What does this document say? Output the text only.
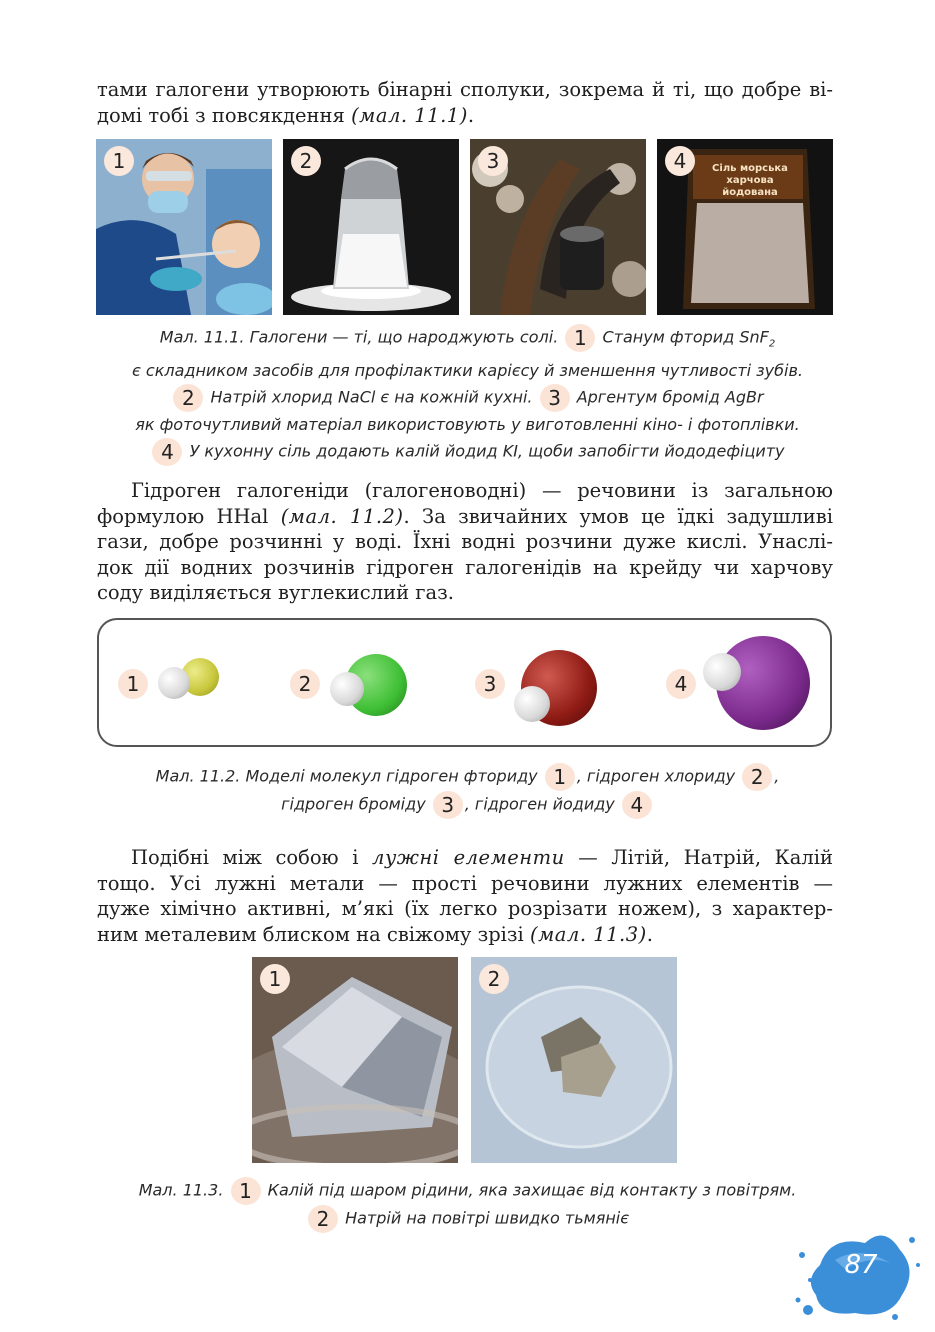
тами галогени утворюють бінарні сполуки, зокрема й ті, що добре ві-
домі тобі з повсякдення (мал. 11.1).
1	2	3	Сіль морська харчова йодована
4
Мал. 11.1. Галогени — ті, що народжують солі. 1 Станум фторид SnF$_2$
є складником засобів для профілактики карієсу й зменшення чутливості зубів.
2 Натрій хлорид NaCl є на кожній кухні. 3 Аргентум бромід AgBr
як фоточутливий матеріал використовують у виготовленні кіно- і фотоплівки.
4 У кухонну сіль додають калій йодид KI, щоби запобігти йододефіциту
Гідроген галогеніди (галогеноводні) — речовини із загальною
формулою HHal (мал. 11.2). За звичайних умов це їдкі задушливі
гази, добре розчинні у воді. Їхні водні розчини дуже кислі. Унаслі-
док дії водних розчинів гідроген галогенідів на крейду чи харчову
соду виділяється вуглекислий газ.
1	2	3	4
Мал. 11.2. Моделі молекул гідроген фториду 1 , гідроген хлориду 2 ,
гідроген броміду 3 , гідроген йодиду 4
Подібні між собою і лужні елементи — Літій, Натрій, Калій
тощо. Усі лужні метали — прості речовини лужних елементів —
дуже хімічно активні, м’які (їх легко розрізати ножем), з характер-
ним металевим блиском на свіжому зрізі (мал. 11.3).
1	2
Мал. 11.3. 1 Калій під шаром рідини, яка захищає від контакту з повітрям.
2 Натрій на повітрі швидко тьмяніє
87
